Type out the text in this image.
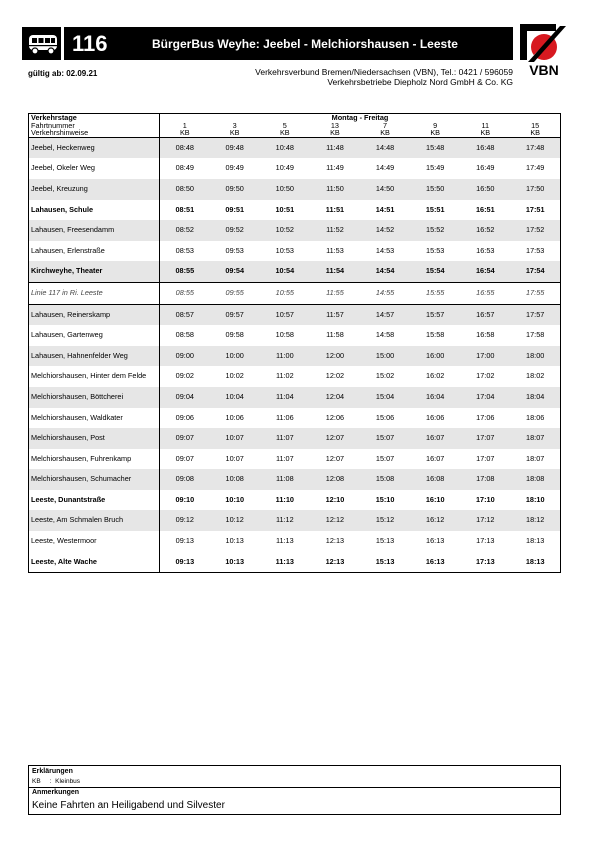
116	BürgerBus Weyhe: Jeebel - Melchiorshausen - Leeste
VBN
gültig ab: 02.09.21	Verkehrsverbund Bremen/Niedersachsen (VBN), Tel.: 0421 / 596059
Verkehrsbetriebe Diepholz Nord GmbH & Co. KG
Verkehrstage	Montag - Freitag							
Fahrtnummer	1	3	5	13	7	9	11	15
Verkehrshinweise	KB	KB	KB	KB	KB	KB	KB	KB
Jeebel, Heckenweg	08:48	09:48	10:48	11:48	14:48	15:48	16:48	17:48
Jeebel, Okeler Weg	08:49	09:49	10:49	11:49	14:49	15:49	16:49	17:49
Jeebel, Kreuzung	08:50	09:50	10:50	11:50	14:50	15:50	16:50	17:50
Lahausen, Schule	08:51	09:51	10:51	11:51	14:51	15:51	16:51	17:51
Lahausen, Freesendamm	08:52	09:52	10:52	11:52	14:52	15:52	16:52	17:52
Lahausen, Erlenstraße	08:53	09:53	10:53	11:53	14:53	15:53	16:53	17:53
Kirchweyhe, Theater	08:55	09:54	10:54	11:54	14:54	15:54	16:54	17:54
Linie 117 in Ri. Leeste	08:55	09:55	10:55	11:55	14:55	15:55	16:55	17:55
Lahausen, Reinerskamp	08:57	09:57	10:57	11:57	14:57	15:57	16:57	17:57
Lahausen, Gartenweg	08:58	09:58	10:58	11:58	14:58	15:58	16:58	17:58
Lahausen, Hahnenfelder Weg	09:00	10:00	11:00	12:00	15:00	16:00	17:00	18:00
Melchiorshausen, Hinter dem Felde	09:02	10:02	11:02	12:02	15:02	16:02	17:02	18:02
Melchiorshausen, Böttcherei	09:04	10:04	11:04	12:04	15:04	16:04	17:04	18:04
Melchiorshausen, Waldkater	09:06	10:06	11:06	12:06	15:06	16:06	17:06	18:06
Melchiorshausen, Post	09:07	10:07	11:07	12:07	15:07	16:07	17:07	18:07
Melchiorshausen, Fuhrenkamp	09:07	10:07	11:07	12:07	15:07	16:07	17:07	18:07
Melchiorshausen, Schumacher	09:08	10:08	11:08	12:08	15:08	16:08	17:08	18:08
Leeste, Dunantstraße	09:10	10:10	11:10	12:10	15:10	16:10	17:10	18:10
Leeste, Am Schmalen Bruch	09:12	10:12	11:12	12:12	15:12	16:12	17:12	18:12
Leeste, Westermoor	09:13	10:13	11:13	12:13	15:13	16:13	17:13	18:13
Leeste, Alte Wache	09:13	10:13	11:13	12:13	15:13	16:13	17:13	18:13
Erklärungen
KB     :  Kleinbus
Anmerkungen
Keine Fahrten an Heiligabend und Silvester
